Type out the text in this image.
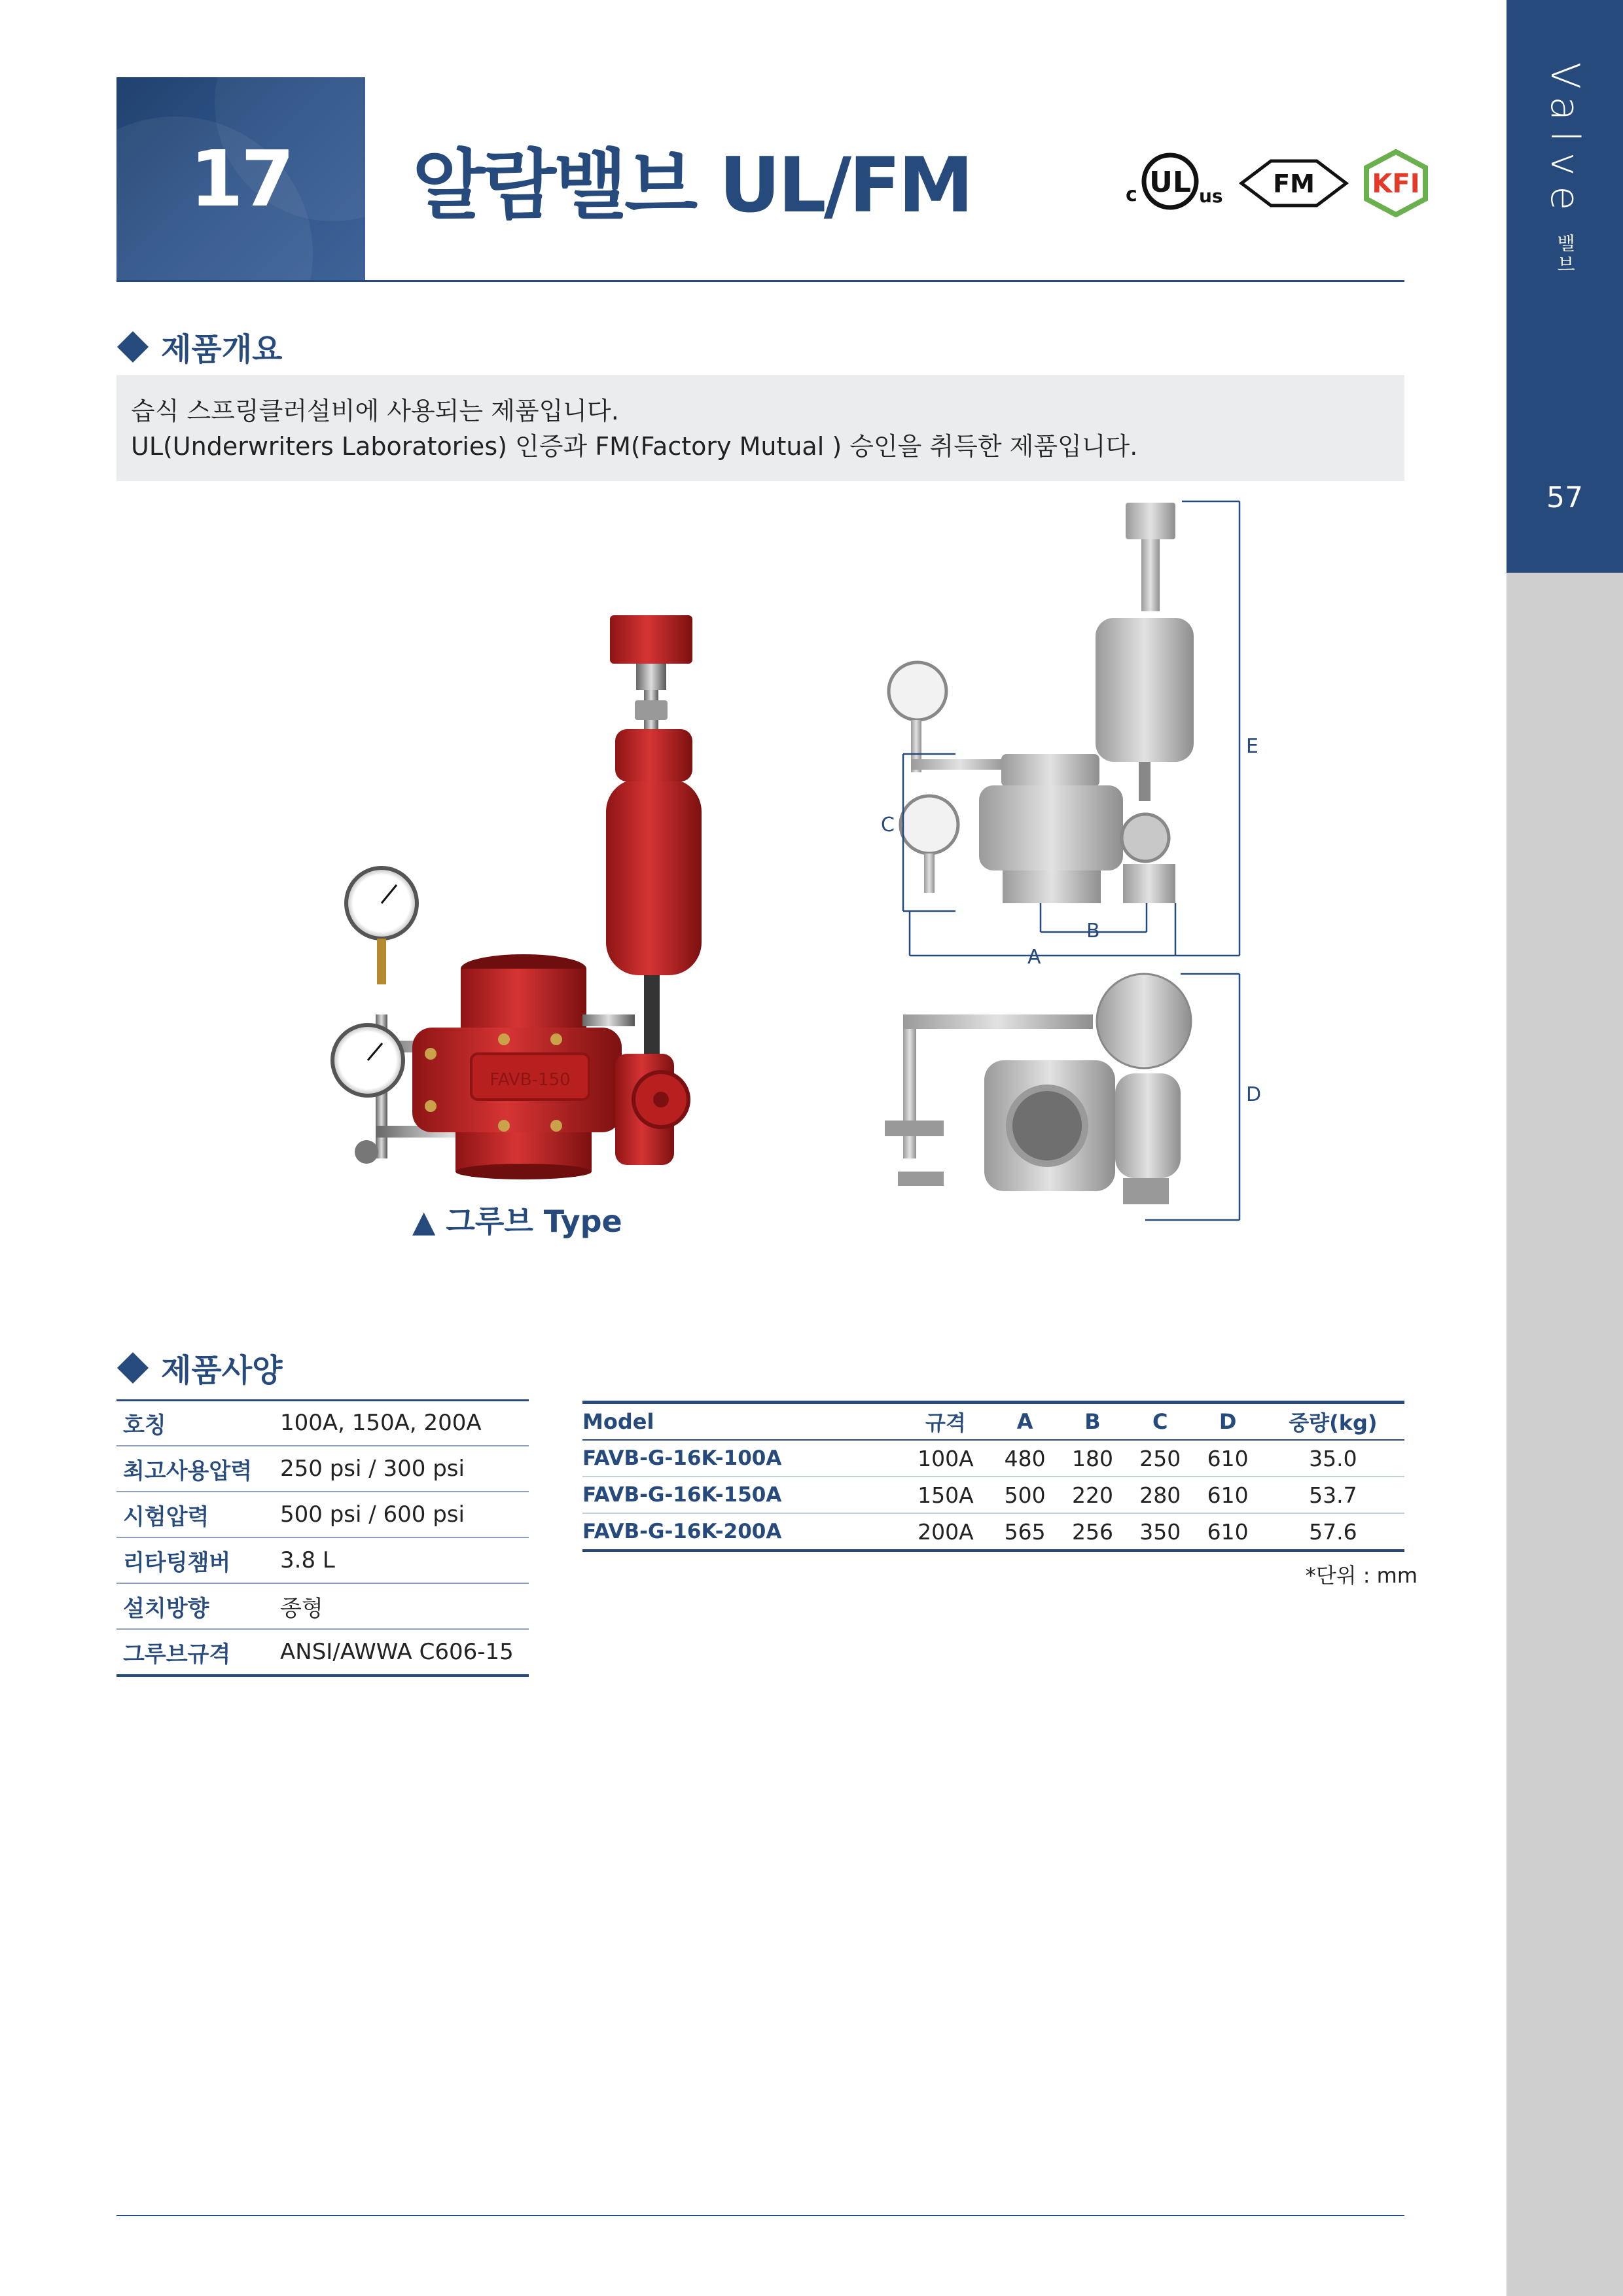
Valve밸브
57
17	알람밸브 UL/FM	UL
c	us FM KFI
제품개요
습식 스프링클러설비에 사용되는 제품입니다.
UL(Underwriters Laboratories) 인증과 FM(Factory Mutual ) 승인을 취득한 제품입니다.
FAVB-150
▲ 그루브 Type
E
C
B
A
D
제품사양
호칭	100A, 150A, 200A
최고사용압력	250 psi / 300 psi
시험압력	500 psi / 600 psi
리타팅챔버	3.8 L
설치방향	종형
그루브규격	ANSI/AWWA C606-15
Model	규격	A	B	C	D	중량(kg)
FAVB-G-16K-100A	100A	480	180	250	610	35.0
FAVB-G-16K-150A	150A	500	220	280	610	53.7
FAVB-G-16K-200A	200A	565	256	350	610	57.6
*단위 : mm
